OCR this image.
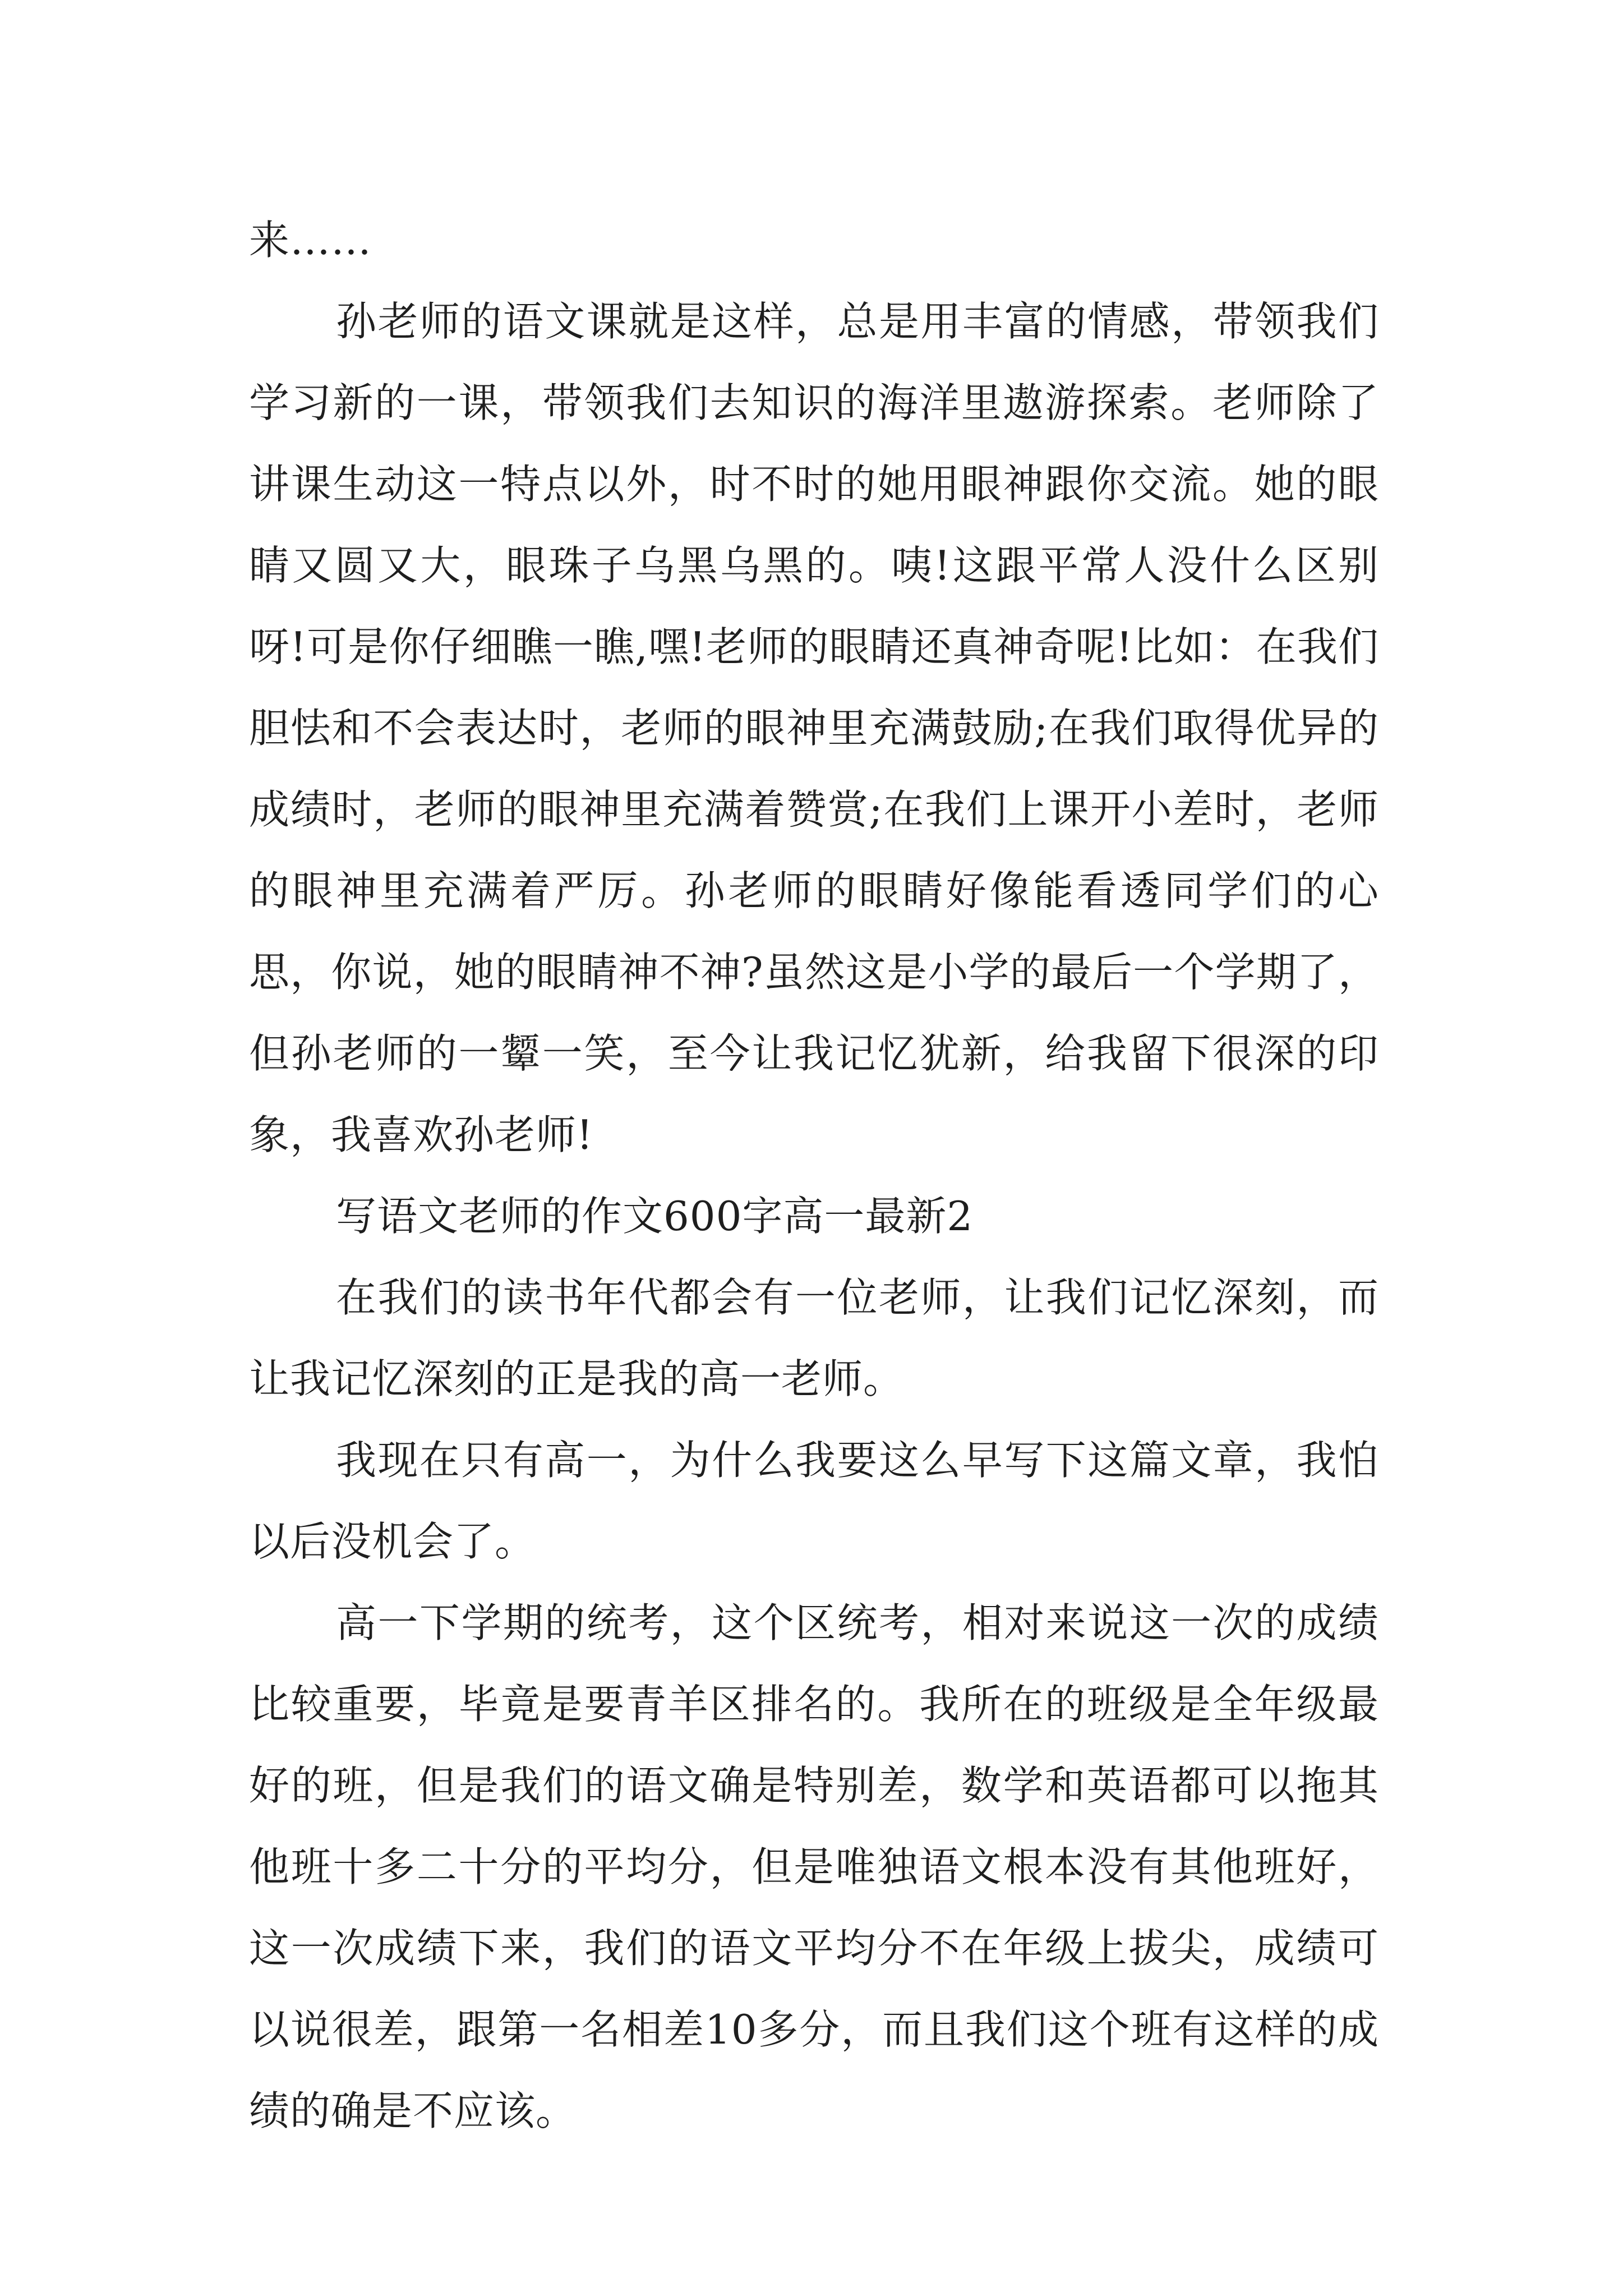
来……

孙老师的语文课就是这样，总是用丰富的情感，带领我们学习新的一课，带领我们去知识的海洋里遨游探索。老师除了讲课生动这一特点以外，时不时的她用眼神跟你交流。她的眼睛又圆又大，眼珠子乌黑乌黑的。咦!这跟平常人没什么区别呀!可是你仔细瞧一瞧,嘿!老师的眼睛还真神奇呢!比如：在我们胆怯和不会表达时，老师的眼神里充满鼓励;在我们取得优异的成绩时，老师的眼神里充满着赞赏;在我们上课开小差时，老师的眼神里充满着严厉。孙老师的眼睛好像能看透同学们的心思，你说，她的眼睛神不神?虽然这是小学的最后一个学期了，但孙老师的一颦一笑，至今让我记忆犹新，给我留下很深的印象，我喜欢孙老师!

写语文老师的作文600字高一最新2

在我们的读书年代都会有一位老师，让我们记忆深刻，而让我记忆深刻的正是我的高一老师。

我现在只有高一，为什么我要这么早写下这篇文章，我怕以后没机会了。

高一下学期的统考，这个区统考，相对来说这一次的成绩比较重要，毕竟是要青羊区排名的。我所在的班级是全年级最好的班，但是我们的语文确是特别差，数学和英语都可以拖其他班十多二十分的平均分，但是唯独语文根本没有其他班好，这一次成绩下来，我们的语文平均分不在年级上拔尖，成绩可以说很差，跟第一名相差10多分，而且我们这个班有这样的成绩的确是不应该。
